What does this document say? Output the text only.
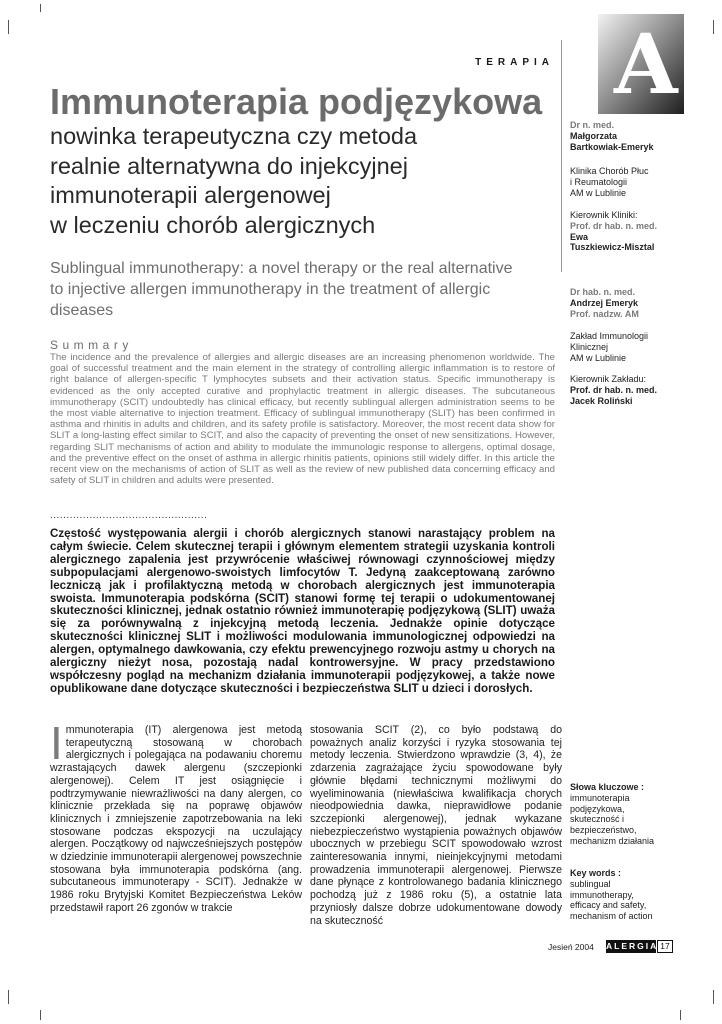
TERAPIA A
Immunoterapia podjęzykowa
nowinka terapeutyczna czy metoda
realnie alternatywna do injekcyjnej
immunoterapii alergenowej
w leczeniu chorób alergicznych
Sublingual immunotherapy: a novel therapy or the real alternative
to injective allergen immunotherapy in the treatment of allergic
diseases
Summary
The incidence and the prevalence of allergies and allergic diseases are an increasing phenomenon worldwide. The goal of successful treatment and the main element in the strategy of controlling allergic inflammation is to restore of right balance of allergen-specific T lymphocytes subsets and their activation status. Specific immunotherapy is evidenced as the only accepted curative and prophylactic treatment in allergic diseases. The subcutaneous immunotherapy (SCIT) undoubtedly has clinical efficacy, but recently sublingual allergen administration seems to be the most viable alternative to injection treatment. Efficacy of sublingual immunotherapy (SLIT) has been confirmed in asthma and rhinitis in adults and children, and its safety profile is satisfactory. Moreover, the most recent data show for SLIT a long-lasting effect similar to SCIT, and also the capacity of preventing the onset of new sensitizations. However, regarding SLIT mechanisms of action and ability to modulate the immunologic response to allergens, optimal dosage, and the preventive effect on the onset of asthma in allergic rhinitis patients, opinions still widely differ. In this article the recent view on the mechanisms of action of SLIT as well as the review of new published data concerning efficacy and safety of SLIT in children and adults were presented.
................................................
Częstość występowania alergii i chorób alergicznych stanowi narastający problem na całym świecie. Celem skutecznej terapii i głównym elementem strategii uzyskania kontroli alergicznego zapalenia jest przywrócenie właściwej równowagi czynnościowej między subpopulacjami alergenowo-swoistych limfocytów T. Jedyną zaakceptowaną zarówno leczniczą jak i profilaktyczną metodą w chorobach alergicznych jest immunoterapia swoista. Immunoterapia podskórna (SCIT) stanowi formę tej terapii o udokumentowanej skuteczności klinicznej, jednak ostatnio również immunoterapię podjęzykową (SLIT) uważa się za porównywalną z injekcyjną metodą leczenia. Jednakże opinie dotyczące skuteczności klinicznej SLIT i możliwości modulowania immunologicznej odpowiedzi na alergen, optymalnego dawkowania, czy efektu prewencyjnego rozwoju astmy u chorych na alergiczny nieżyt nosa, pozostają nadal kontrowersyjne. W pracy przedstawiono współczesny pogląd na mechanizm działania immunoterapii podjęzykowej, a także nowe opublikowane dane dotyczące skuteczności i bezpieczeństwa SLIT u dzieci i dorosłych.
I mmunoterapia (IT) alergenowa jest metodą terapeutyczną stosowaną w chorobach alergicznych i polegająca na podawaniu choremu wzrastających dawek alergenu (szczepionki alergenowej). Celem IT jest osiągnięcie i podtrzymywanie niewrażliwości na dany alergen, co klinicznie przekłada się na poprawę objawów klinicznych i zmniejszenie zapotrzebowania na leki stosowane podczas ekspozycji na uczulający alergen. Początkowy od najwcześniejszych postępów w dziedzinie immunoterapii alergenowej powszechnie stosowana była immunoterapia podskórna (ang. subcutaneous immunoterapy - SCIT). Jednakże w 1986 roku Brytyjski Komitet Bezpieczeństwa Leków przedstawił raport 26 zgonów w trakcie
stosowania SCIT (2), co było podstawą do poważnych analiz korzyści i ryzyka stosowania tej metody leczenia. Stwierdzono wprawdzie (3, 4), że zdarzenia zagrażające życiu spowodowane były głównie błędami technicznymi możliwymi do wyeliminowania (niewłaściwa kwalifikacja chorych nieodpowiednia dawka, nieprawidłowe podanie szczepionki alergenowej), jednak wykazane niebezpieczeństwo wystąpienia poważnych objawów ubocznych w przebiegu SCIT spowodowało wzrost zainteresowania innymi, nieinjekcyjnymi metodami prowadzenia immunoterapii alergenowej. Pierwsze dane płynące z kontrolowanego badania klinicznego pochodzą już z 1986 roku (5), a ostatnie lata przyniosły dalsze dobrze udokumentowane dowody na skuteczność
Dr n. med.
Małgorzata
Bartkowiak-Emeryk
Klinika Chorób Płuc
i Reumatologii
AM w Lublinie
Kierownik Kliniki:
Prof. dr hab. n. med.
Ewa
Tuszkiewicz-Misztal
Dr hab. n. med.
Andrzej Emeryk
Prof. nadzw. AM
Zakład Immunologii
Klinicznej
AM w Lublinie
Kierownik Zakładu:
Prof. dr hab. n. med.
Jacek Roliński
Słowa kluczowe :
immunoterapia
podjęzykowa,
skuteczność i
bezpieczeństwo,
mechanizm działania
Key words :
sublingual
immunotherapy,
efficacy and safety,
mechanism of action
Jesień 2004 ALERGIA 17
